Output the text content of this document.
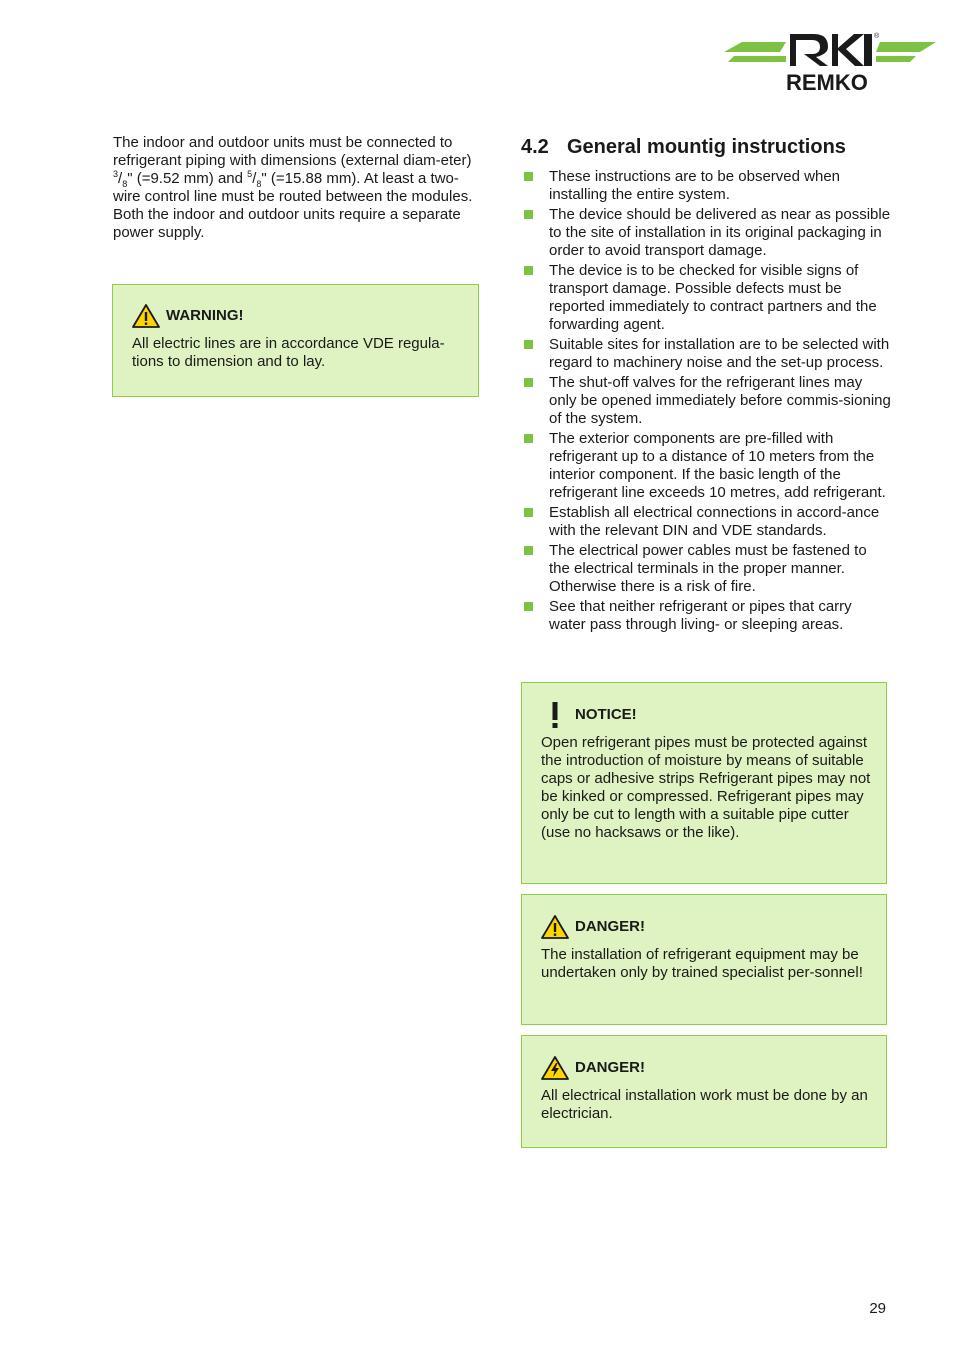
REMKO
®

The indoor and outdoor units must be connected to refrigerant piping with dimensions (external diam-eter) $^3/_8$" (=9.52 mm) and $^5/_8$" (=15.88 mm). At least a two-wire control line must be routed between the modules. Both the indoor and outdoor units require a separate power supply.

WARNING!

All electric lines are in accordance VDE regula-tions to dimension and to lay.

4.2 General mountig instructions
These instructions are to be observed when installing the entire system.
The device should be delivered as near as possible to the site of installation in its original packaging in order to avoid transport damage.
The device is to be checked for visible signs of transport damage. Possible defects must be reported immediately to contract partners and the forwarding agent.
Suitable sites for installation are to be selected with regard to machinery noise and the set-up process.
The shut-off valves for the refrigerant lines may only be opened immediately before commis-sioning of the system.
The exterior components are pre-filled with refrigerant up to a distance of 10 meters from the interior component. If the basic length of the refrigerant line exceeds 10 metres, add refrigerant.
Establish all electrical connections in accord-ance with the relevant DIN and VDE standards.
The electrical power cables must be fastened to the electrical terminals in the proper manner. Otherwise there is a risk of fire.
See that neither refrigerant or pipes that carry water pass through living- or sleeping areas.
NOTICE!

Open refrigerant pipes must be protected against the introduction of moisture by means of suitable caps or adhesive strips Refrigerant pipes may not be kinked or compressed. Refrigerant pipes may only be cut to length with a suitable pipe cutter (use no hacksaws or the like).

DANGER!

The installation of refrigerant equipment may be undertaken only by trained specialist per-sonnel!

DANGER!

All electrical installation work must be done by an electrician.

29
